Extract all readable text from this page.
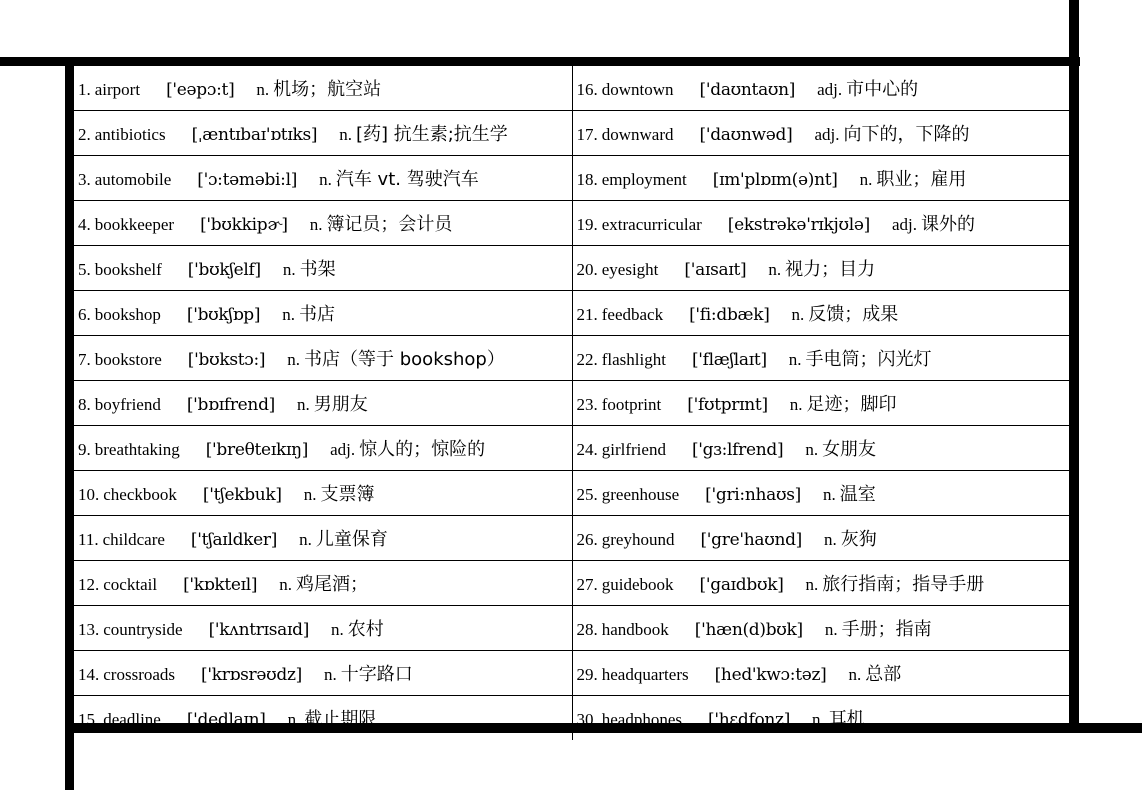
1. airport ['eəpɔ:t] n. 机场；航空站	16. downtown ['daʊntaʊn] adj. 市中心的
2. antibiotics [ˌæntɪbaɪ'ɒtɪks] n. [药] 抗生素;抗生学	17. downward ['daʊnwəd] adj. 向下的，下降的
3. automobile ['ɔ:təməbi:l] n. 汽车 vt. 驾驶汽车	18. employment [ɪm'plɒɪm(ə)nt] n. 职业；雇用
4. bookkeeper ['bʊkkipɚ] n. 簿记员；会计员	19. extracurricular [ekstrəkə'rɪkjʊlə] adj. 课外的
5. bookshelf ['bʊkʃelf] n. 书架	20. eyesight ['aɪsaɪt] n. 视力；目力
6. bookshop ['bʊkʃɒp] n. 书店	21. feedback ['fi:dbæk] n. 反馈；成果
7. bookstore ['bʊkstɔ:] n. 书店（等于 bookshop）	22. flashlight ['flæʃlaɪt] n. 手电筒；闪光灯
8. boyfriend ['bɒɪfrend] n. 男朋友	23. footprint ['fʊtprɪnt] n. 足迹；脚印
9. breathtaking ['breθteɪkɪŋ] adj. 惊人的；惊险的	24. girlfriend ['gɜ:lfrend] n. 女朋友
10. checkbook ['tʃekbuk] n. 支票簿	25. greenhouse ['gri:nhaʊs] n. 温室
11. childcare ['tʃaɪldker] n. 儿童保育	26. greyhound ['gre'haʊnd] n. 灰狗
12. cocktail ['kɒkteɪl] n. 鸡尾酒；	27. guidebook ['gaɪdbʊk] n. 旅行指南；指导手册
13. countryside ['kʌntrɪsaɪd] n. 农村	28. handbook ['hæn(d)bʊk] n. 手册；指南
14. crossroads ['krɒsrəʊdz] n. 十字路口	29. headquarters [hed'kwɔ:təz] n. 总部
15. deadline ['dedlaɪn] n. 截止期限	30. headphones ['hɛdfonz] n. 耳机
